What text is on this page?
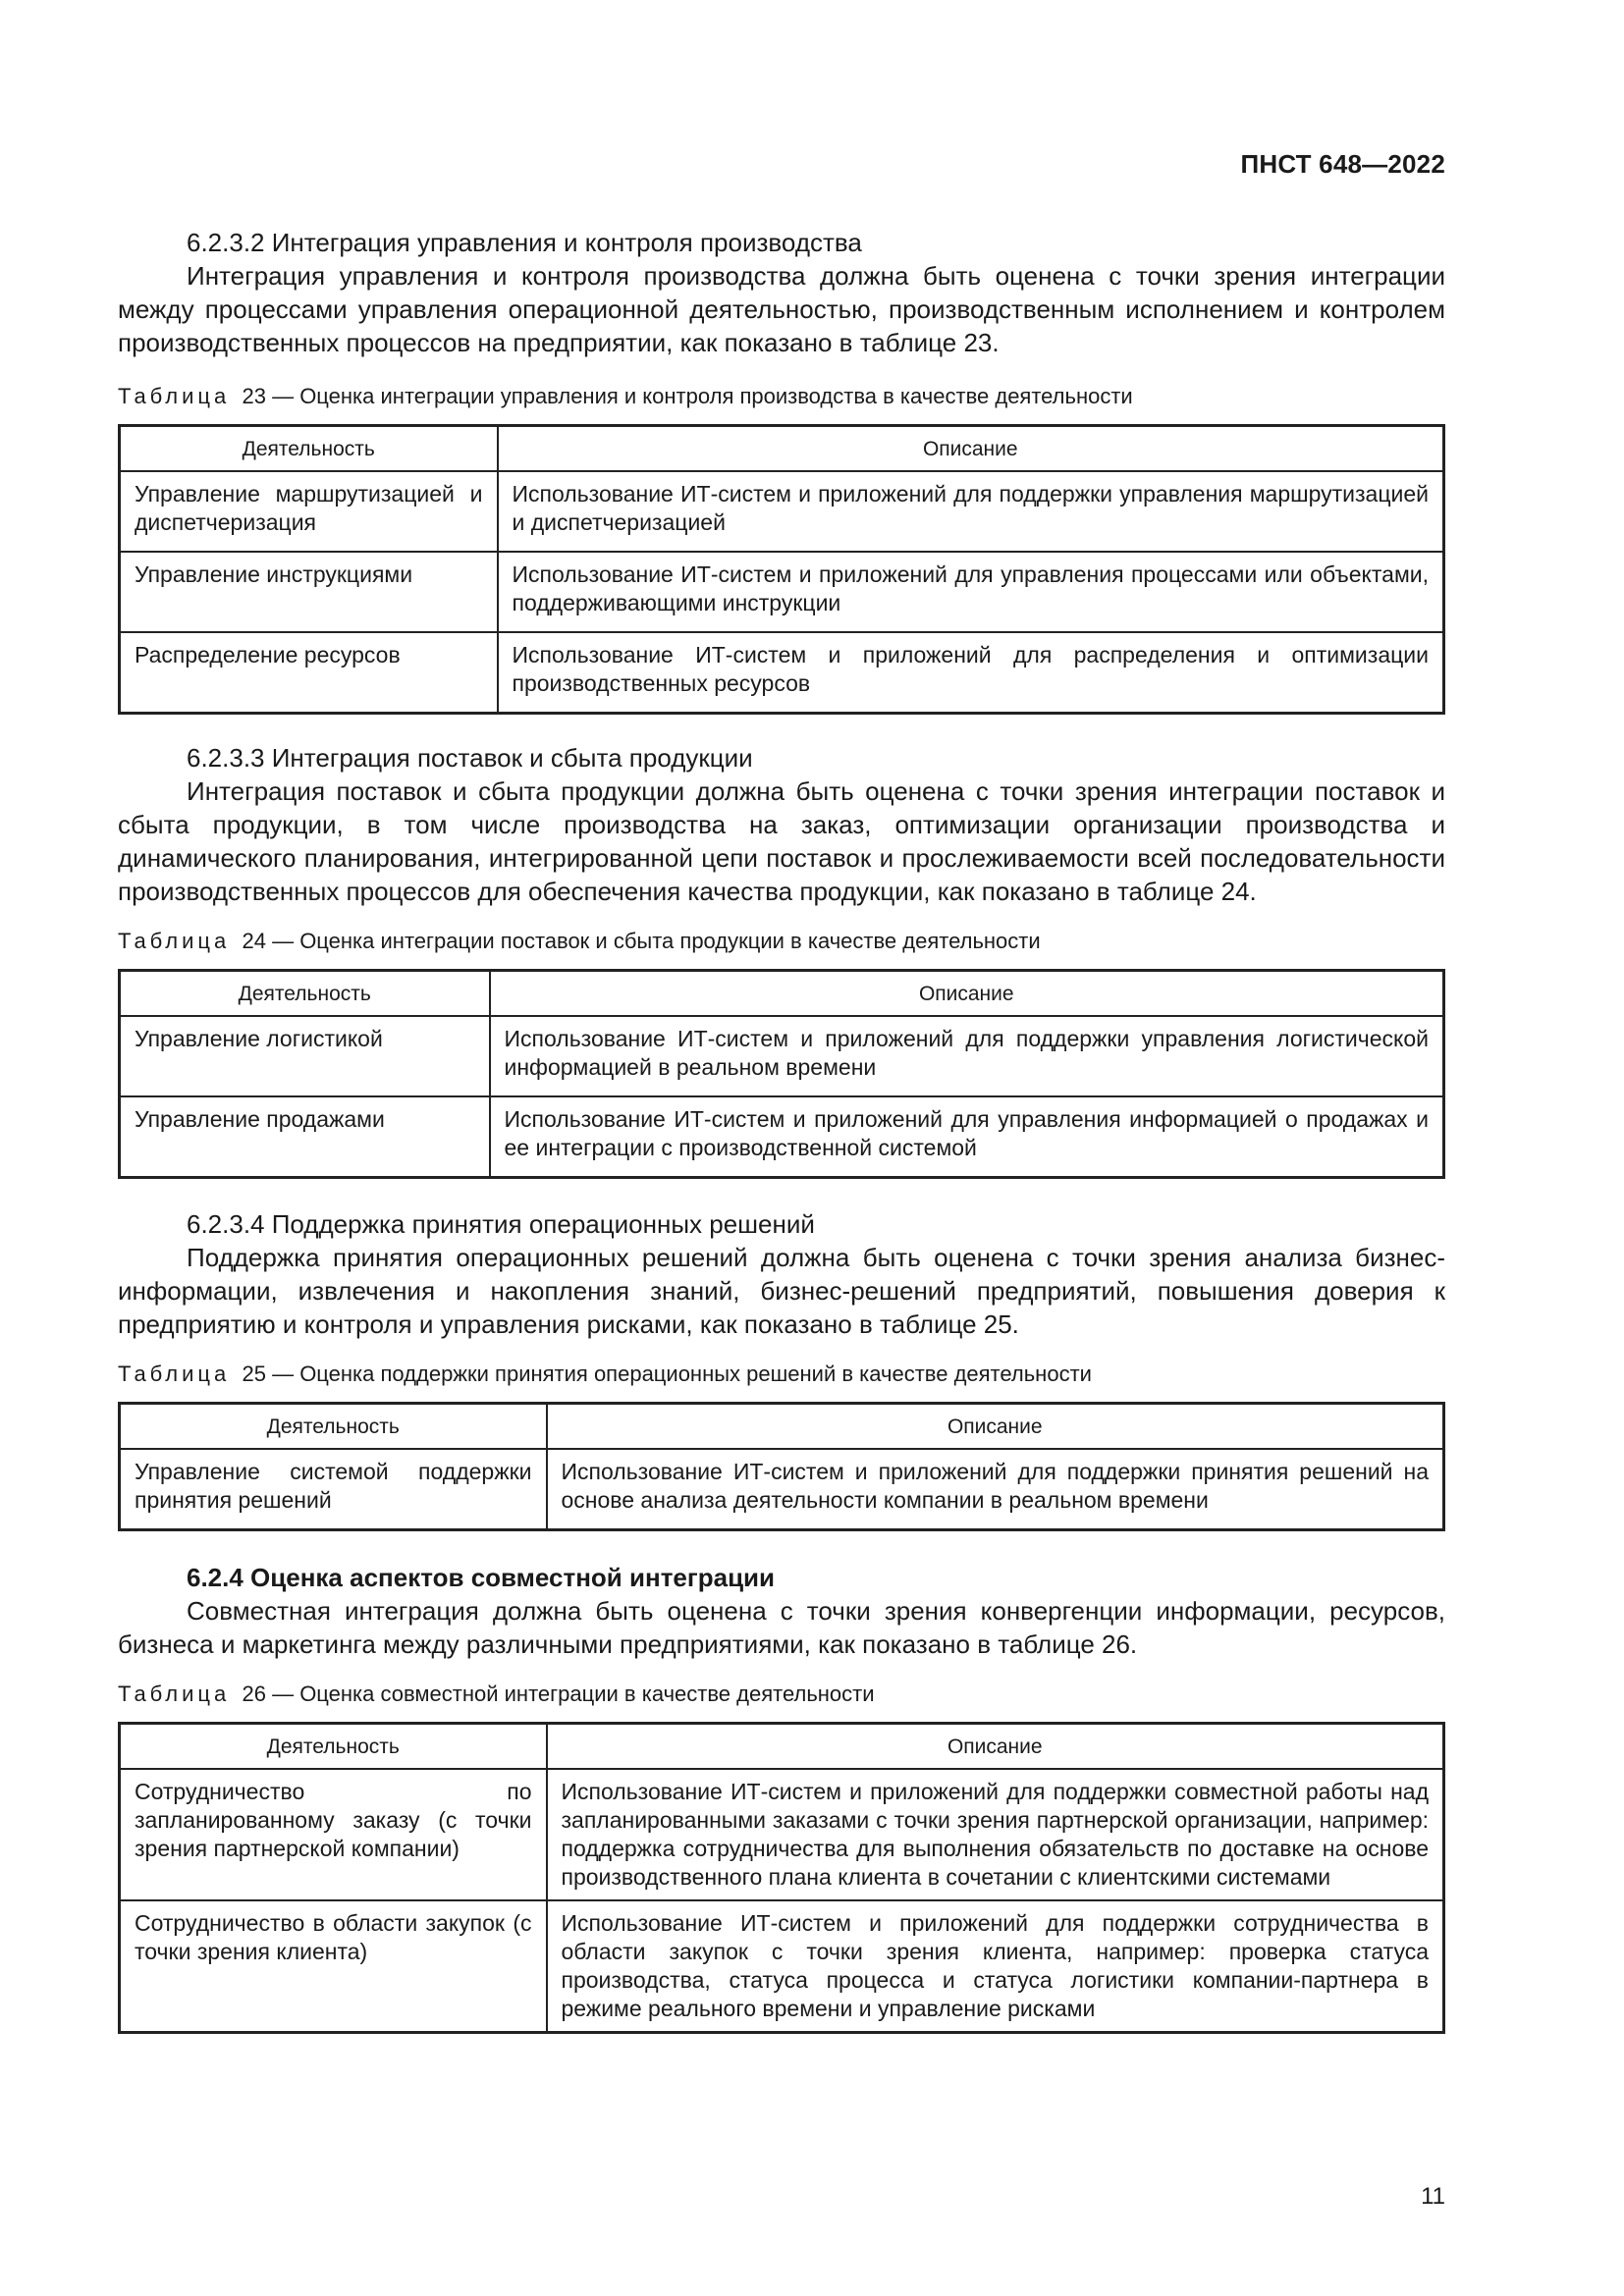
ПНСТ 648—2022

6.2.3.2 Интеграция управления и контроля производства

Интеграция управления и контроля производства должна быть оценена с точки зрения интеграции между процессами управления операционной деятельностью, производственным исполнением и контролем производственных процессов на предприятии, как показано в таблице 23.

Таблица 23 — Оценка интеграции управления и контроля производства в качестве деятельности

Деятельность	Описание
Управление маршрутизацией и диспетчеризация	Использование ИТ-систем и приложений для поддержки управления маршрутизацией и диспетчеризацией
Управление инструкциями	Использование ИТ-систем и приложений для управления процессами или объектами, поддерживающими инструкции
Распределение ресурсов	Использование ИТ-систем и приложений для распределения и оптимизации производственных ресурсов

6.2.3.3 Интеграция поставок и сбыта продукции

Интеграция поставок и сбыта продукции должна быть оценена с точки зрения интеграции поставок и сбыта продукции, в том числе производства на заказ, оптимизации организации производства и динамического планирования, интегрированной цепи поставок и прослеживаемости всей последовательности производственных процессов для обеспечения качества продукции, как показано в таблице 24.

Таблица 24 — Оценка интеграции поставок и сбыта продукции в качестве деятельности

Деятельность	Описание
Управление логистикой	Использование ИТ-систем и приложений для поддержки управления логистической информацией в реальном времени
Управление продажами	Использование ИТ-систем и приложений для управления информацией о продажах и ее интеграции с производственной системой

6.2.3.4 Поддержка принятия операционных решений

Поддержка принятия операционных решений должна быть оценена с точки зрения анализа бизнес-информации, извлечения и накопления знаний, бизнес-решений предприятий, повышения доверия к предприятию и контроля и управления рисками, как показано в таблице 25.

Таблица 25 — Оценка поддержки принятия операционных решений в качестве деятельности

Деятельность	Описание
Управление системой поддержки принятия решений	Использование ИТ-систем и приложений для поддержки принятия решений на основе анализа деятельности компании в реальном времени

6.2.4 Оценка аспектов совместной интеграции

Совместная интеграция должна быть оценена с точки зрения конвергенции информации, ресурсов, бизнеса и маркетинга между различными предприятиями, как показано в таблице 26.

Таблица 26 — Оценка совместной интеграции в качестве деятельности

Деятельность	Описание
Сотрудничество по запланированному заказу (с точки зрения партнерской компании)	Использование ИТ-систем и приложений для поддержки совместной работы над запланированными заказами с точки зрения партнерской организации, например: поддержка сотрудничества для выполнения обязательств по доставке на основе производственного плана клиента в сочетании с клиентскими системами
Сотрудничество в области закупок (с точки зрения клиента)	Использование ИТ-систем и приложений для поддержки сотрудничества в области закупок с точки зрения клиента, например: проверка статуса производства, статуса процесса и статуса логистики компании-партнера в режиме реального времени и управление рисками
11
